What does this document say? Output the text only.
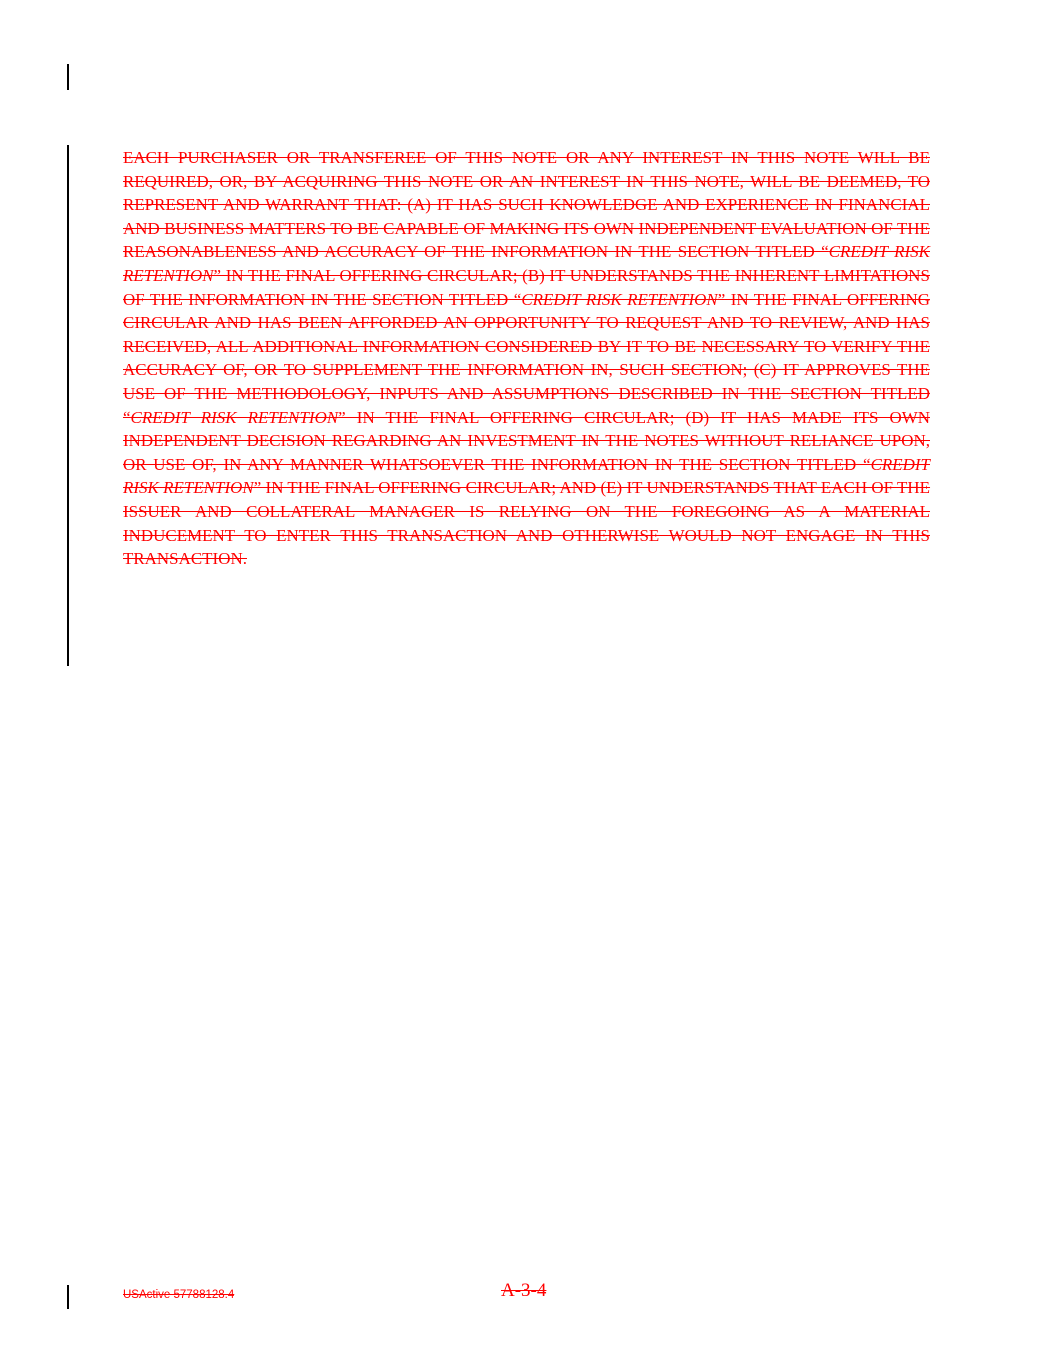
EACH PURCHASER OR TRANSFEREE OF THIS NOTE OR ANY INTEREST IN THIS NOTE WILL BE REQUIRED, OR, BY ACQUIRING THIS NOTE OR AN INTEREST IN THIS NOTE, WILL BE DEEMED, TO REPRESENT AND WARRANT THAT: (A) IT HAS SUCH KNOWLEDGE AND EXPERIENCE IN FINANCIAL AND BUSINESS MATTERS TO BE CAPABLE OF MAKING ITS OWN INDEPENDENT EVALUATION OF THE REASONABLENESS AND ACCURACY OF THE INFORMATION IN THE SECTION TITLED “CREDIT RISK RETENTION” IN THE FINAL OFFERING CIRCULAR; (B) IT UNDERSTANDS THE INHERENT LIMITATIONS OF THE INFORMATION IN THE SECTION TITLED “CREDIT RISK RETENTION” IN THE FINAL OFFERING CIRCULAR AND HAS BEEN AFFORDED AN OPPORTUNITY TO REQUEST AND TO REVIEW, AND HAS RECEIVED, ALL ADDITIONAL INFORMATION CONSIDERED BY IT TO BE NECESSARY TO VERIFY THE ACCURACY OF, OR TO SUPPLEMENT THE INFORMATION IN, SUCH SECTION; (C) IT APPROVES THE USE OF THE METHODOLOGY, INPUTS AND ASSUMPTIONS DESCRIBED IN THE SECTION TITLED “CREDIT RISK RETENTION” IN THE FINAL OFFERING CIRCULAR; (D) IT HAS MADE ITS OWN INDEPENDENT DECISION REGARDING AN INVESTMENT IN THE NOTES WITHOUT RELIANCE UPON, OR USE OF, IN ANY MANNER WHATSOEVER THE INFORMATION IN THE SECTION TITLED “CREDIT RISK RETENTION” IN THE FINAL OFFERING CIRCULAR; AND (E) IT UNDERSTANDS THAT EACH OF THE ISSUER AND COLLATERAL MANAGER IS RELYING ON THE FOREGOING AS A MATERIAL INDUCEMENT TO ENTER THIS TRANSACTION AND OTHERWISE WOULD NOT ENGAGE IN THIS TRANSACTION.

USActive 57788128.4	A-3-4
